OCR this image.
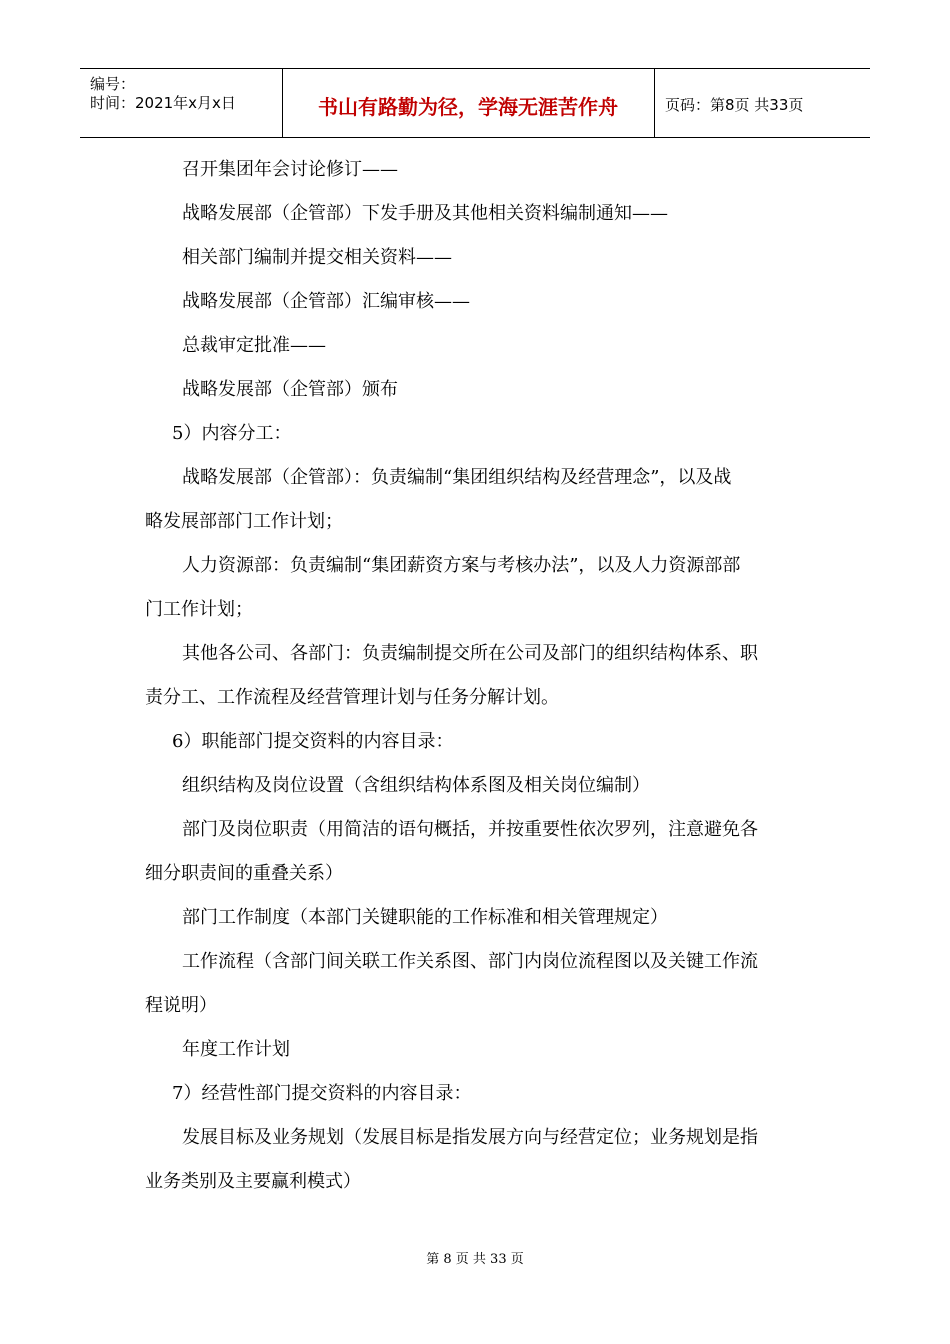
编号：
时间：2021年x月x日	书山有路勤为径，学海无涯苦作舟	页码：第8页 共33页

召开集团年会讨论修订——

战略发展部（企管部）下发手册及其他相关资料编制通知——

相关部门编制并提交相关资料——

战略发展部（企管部）汇编审核——

总裁审定批准——

战略发展部（企管部）颁布

5）内容分工：

战略发展部（企管部）：负责编制“集团组织结构及经营理念”，以及战

略发展部部门工作计划；

人力资源部：负责编制“集团薪资方案与考核办法”，以及人力资源部部

门工作计划；

其他各公司、各部门：负责编制提交所在公司及部门的组织结构体系、职

责分工、工作流程及经营管理计划与任务分解计划。

6）职能部门提交资料的内容目录：

组织结构及岗位设置（含组织结构体系图及相关岗位编制）

部门及岗位职责（用简洁的语句概括，并按重要性依次罗列，注意避免各

细分职责间的重叠关系）

部门工作制度（本部门关键职能的工作标准和相关管理规定）

工作流程（含部门间关联工作关系图、部门内岗位流程图以及关键工作流

程说明）

年度工作计划

7）经营性部门提交资料的内容目录：

发展目标及业务规划（发展目标是指发展方向与经营定位；业务规划是指

业务类别及主要赢利模式）

第 8 页 共 33 页
